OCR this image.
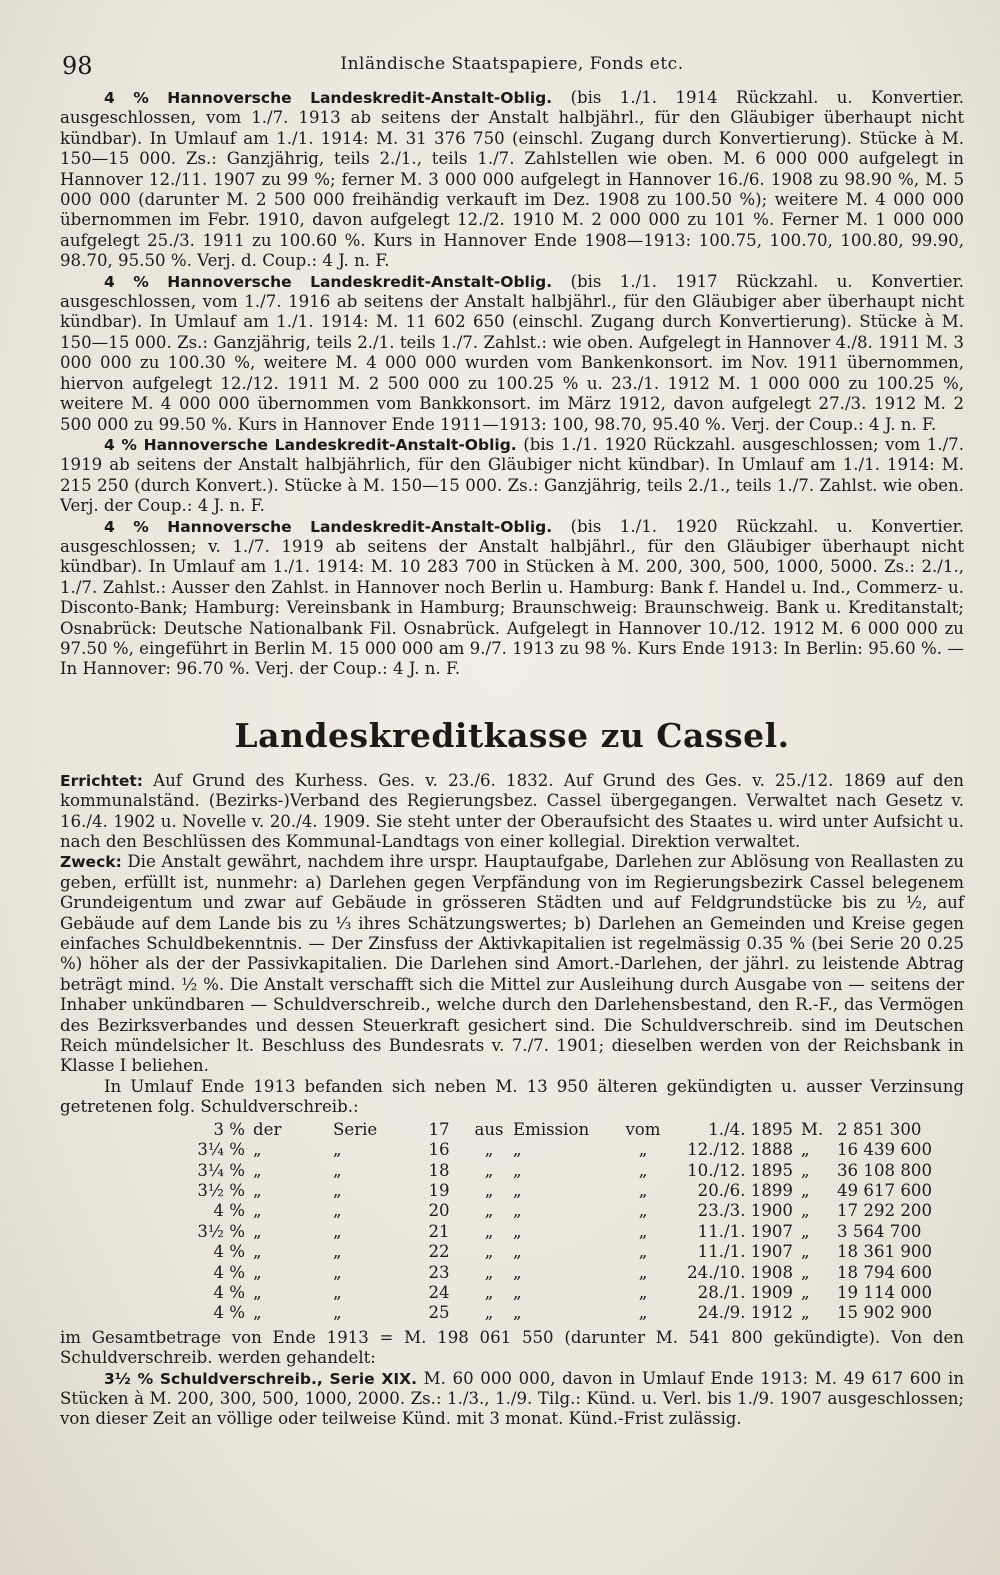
98	Inländische Staatspapiere, Fonds etc.

4 % Hannoversche Landeskredit-Anstalt-Oblig. (bis 1./1. 1914 Rückzahl. u. Konvertier. ausgeschlossen, vom 1./7. 1913 ab seitens der Anstalt halbjährl., für den Gläubiger überhaupt nicht kündbar). In Umlauf am 1./1. 1914: M. 31 376 750 (einschl. Zugang durch Konvertierung). Stücke à M. 150—15 000. Zs.: Ganzjährig, teils 2./1., teils 1./7. Zahlstellen wie oben. M. 6 000 000 aufgelegt in Hannover 12./11. 1907 zu 99 %; ferner M. 3 000 000 aufgelegt in Hannover 16./6. 1908 zu 98.90 %, M. 5 000 000 (darunter M. 2 500 000 freihändig verkauft im Dez. 1908 zu 100.50 %); weitere M. 4 000 000 übernommen im Febr. 1910, davon aufgelegt 12./2. 1910 M. 2 000 000 zu 101 %. Ferner M. 1 000 000 aufgelegt 25./3. 1911 zu 100.60 %. Kurs in Hannover Ende 1908—1913: 100.75, 100.70, 100.80, 99.90, 98.70, 95.50 %. Verj. d. Coup.: 4 J. n. F.

4 % Hannoversche Landeskredit-Anstalt-Oblig. (bis 1./1. 1917 Rückzahl. u. Konvertier. ausgeschlossen, vom 1./7. 1916 ab seitens der Anstalt halbjährl., für den Gläubiger aber überhaupt nicht kündbar). In Umlauf am 1./1. 1914: M. 11 602 650 (einschl. Zugang durch Konvertierung). Stücke à M. 150—15 000. Zs.: Ganzjährig, teils 2./1. teils 1./7. Zahlst.: wie oben. Aufgelegt in Hannover 4./8. 1911 M. 3 000 000 zu 100.30 %, weitere M. 4 000 000 wurden vom Bankenkonsort. im Nov. 1911 übernommen, hiervon aufgelegt 12./12. 1911 M. 2 500 000 zu 100.25 % u. 23./1. 1912 M. 1 000 000 zu 100.25 %, weitere M. 4 000 000 übernommen vom Bankkonsort. im März 1912, davon aufgelegt 27./3. 1912 M. 2 500 000 zu 99.50 %. Kurs in Hannover Ende 1911—1913: 100, 98.70, 95.40 %. Verj. der Coup.: 4 J. n. F.

4 % Hannoversche Landeskredit-Anstalt-Oblig. (bis 1./1. 1920 Rückzahl. ausgeschlossen; vom 1./7. 1919 ab seitens der Anstalt halbjährlich, für den Gläubiger nicht kündbar). In Umlauf am 1./1. 1914: M. 215 250 (durch Konvert.). Stücke à M. 150—15 000. Zs.: Ganzjährig, teils 2./1., teils 1./7. Zahlst. wie oben. Verj. der Coup.: 4 J. n. F.

4 % Hannoversche Landeskredit-Anstalt-Oblig. (bis 1./1. 1920 Rückzahl. u. Konvertier. ausgeschlossen; v. 1./7. 1919 ab seitens der Anstalt halbjährl., für den Gläubiger überhaupt nicht kündbar). In Umlauf am 1./1. 1914: M. 10 283 700 in Stücken à M. 200, 300, 500, 1000, 5000. Zs.: 2./1., 1./7. Zahlst.: Ausser den Zahlst. in Hannover noch Berlin u. Hamburg: Bank f. Handel u. Ind., Commerz- u. Disconto-Bank; Hamburg: Vereinsbank in Hamburg; Braunschweig: Braunschweig. Bank u. Kreditanstalt; Osnabrück: Deutsche Nationalbank Fil. Osnabrück. Aufgelegt in Hannover 10./12. 1912 M. 6 000 000 zu 97.50 %, eingeführt in Berlin M. 15 000 000 am 9./7. 1913 zu 98 %. Kurs Ende 1913: In Berlin: 95.60 %. — In Hannover: 96.70 %. Verj. der Coup.: 4 J. n. F.

Landeskreditkasse zu Cassel.

Errichtet: Auf Grund des Kurhess. Ges. v. 23./6. 1832. Auf Grund des Ges. v. 25./12. 1869 auf den kommunalständ. (Bezirks-)Verband des Regierungsbez. Cassel übergegangen. Verwaltet nach Gesetz v. 16./4. 1902 u. Novelle v. 20./4. 1909. Sie steht unter der Oberaufsicht des Staates u. wird unter Aufsicht u. nach den Beschlüssen des Kommunal-Landtags von einer kollegial. Direktion verwaltet.

Zweck: Die Anstalt gewährt, nachdem ihre urspr. Hauptaufgabe, Darlehen zur Ablösung von Reallasten zu geben, erfüllt ist, nunmehr: a) Darlehen gegen Verpfändung von im Regierungsbezirk Cassel belegenem Grundeigentum und zwar auf Gebäude in grösseren Städten und auf Feldgrundstücke bis zu ½, auf Gebäude auf dem Lande bis zu ⅓ ihres Schätzungswertes; b) Darlehen an Gemeinden und Kreise gegen einfaches Schuldbekenntnis. — Der Zinsfuss der Aktivkapitalien ist regelmässig 0.35 % (bei Serie 20 0.25 %) höher als der der Passivkapitalien. Die Darlehen sind Amort.-Darlehen, der jährl. zu leistende Abtrag beträgt mind. ½ %. Die Anstalt verschafft sich die Mittel zur Ausleihung durch Ausgabe von — seitens der Inhaber unkündbaren — Schuldverschreib., welche durch den Darlehensbestand, den R.-F., das Vermögen des Bezirksverbandes und dessen Steuerkraft gesichert sind. Die Schuldverschreib. sind im Deutschen Reich mündelsicher lt. Beschluss des Bundesrats v. 7./7. 1901; dieselben werden von der Reichsbank in Klasse I beliehen.

In Umlauf Ende 1913 befanden sich neben M. 13 950 älteren gekündigten u. ausser Verzinsung getretenen folg. Schuldverschreib.:

3 %	der	Serie	17	aus	Emission	vom	1./4. 1895	M.	2 851 300
3¼ %	„	„	16	„	„	„	12./12. 1888	„	16 439 600
3¼ %	„	„	18	„	„	„	10./12. 1895	„	36 108 800
3½ %	„	„	19	„	„	„	20./6. 1899	„	49 617 600
4 %	„	„	20	„	„	„	23./3. 1900	„	17 292 200
3½ %	„	„	21	„	„	„	11./1. 1907	„	3 564 700
4 %	„	„	22	„	„	„	11./1. 1907	„	18 361 900
4 %	„	„	23	„	„	„	24./10. 1908	„	18 794 600
4 %	„	„	24	„	„	„	28./1. 1909	„	19 114 000
4 %	„	„	25	„	„	„	24./9. 1912	„	15 902 900

im Gesamtbetrage von Ende 1913 = M. 198 061 550 (darunter M. 541 800 gekündigte). Von den Schuldverschreib. werden gehandelt:

3½ % Schuldverschreib., Serie XIX. M. 60 000 000, davon in Umlauf Ende 1913: M. 49 617 600 in Stücken à M. 200, 300, 500, 1000, 2000. Zs.: 1./3., 1./9. Tilg.: Künd. u. Verl. bis 1./9. 1907 ausgeschlossen; von dieser Zeit an völlige oder teilweise Künd. mit 3 monat. Künd.-Frist zulässig.
